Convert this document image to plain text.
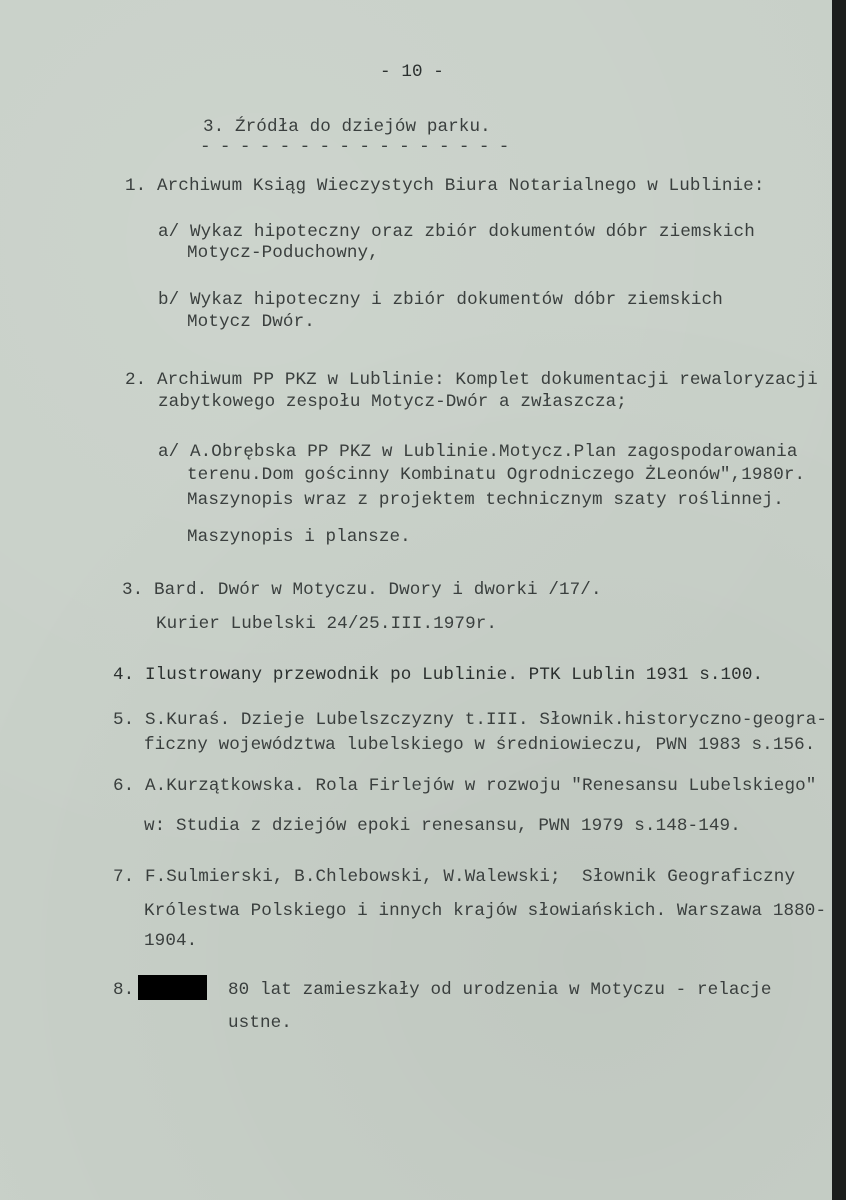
- 10 -
3. Źródła do dziejów parku.
- - - - - - - - - - - - - - - -
1. Archiwum Ksiąg Wieczystych Biura Notarialnego w Lublinie:
a/ Wykaz hipoteczny oraz zbiór dokumentów dóbr ziemskich
Motycz-Poduchowny,
b/ Wykaz hipoteczny i zbiór dokumentów dóbr ziemskich
Motycz Dwór.
2. Archiwum PP PKZ w Lublinie: Komplet dokumentacji rewaloryzacji
zabytkowego zespołu Motycz-Dwór a zwłaszcza;
a/ A.Obrębska PP PKZ w Lublinie.Motycz.Plan zagospodarowania
terenu.Dom gościnny Kombinatu Ogrodniczego ŻLeonów",1980r.
Maszynopis wraz z projektem technicznym szaty roślinnej.
Maszynopis i plansze.
3. Bard. Dwór w Motyczu. Dwory i dworki /17/.
Kurier Lubelski 24/25.III.1979r.
4. Ilustrowany przewodnik po Lublinie. PTK Lublin 1931 s.100.
5. S.Kuraś. Dzieje Lubelszczyzny t.III. Słownik.historyczno-geogra-
ficzny województwa lubelskiego w średniowieczu, PWN 1983 s.156.
6. A.Kurzątkowska. Rola Firlejów w rozwoju "Renesansu Lubelskiego"
w: Studia z dziejów epoki renesansu, PWN 1979 s.148-149.
7. F.Sulmierski, B.Chlebowski, W.Walewski;  Słownik Geograficzny
Królestwa Polskiego i innych krajów słowiańskich. Warszawa 1880-
1904.
8.	80 lat zamieszkały od urodzenia w Motyczu - relacje
ustne.
